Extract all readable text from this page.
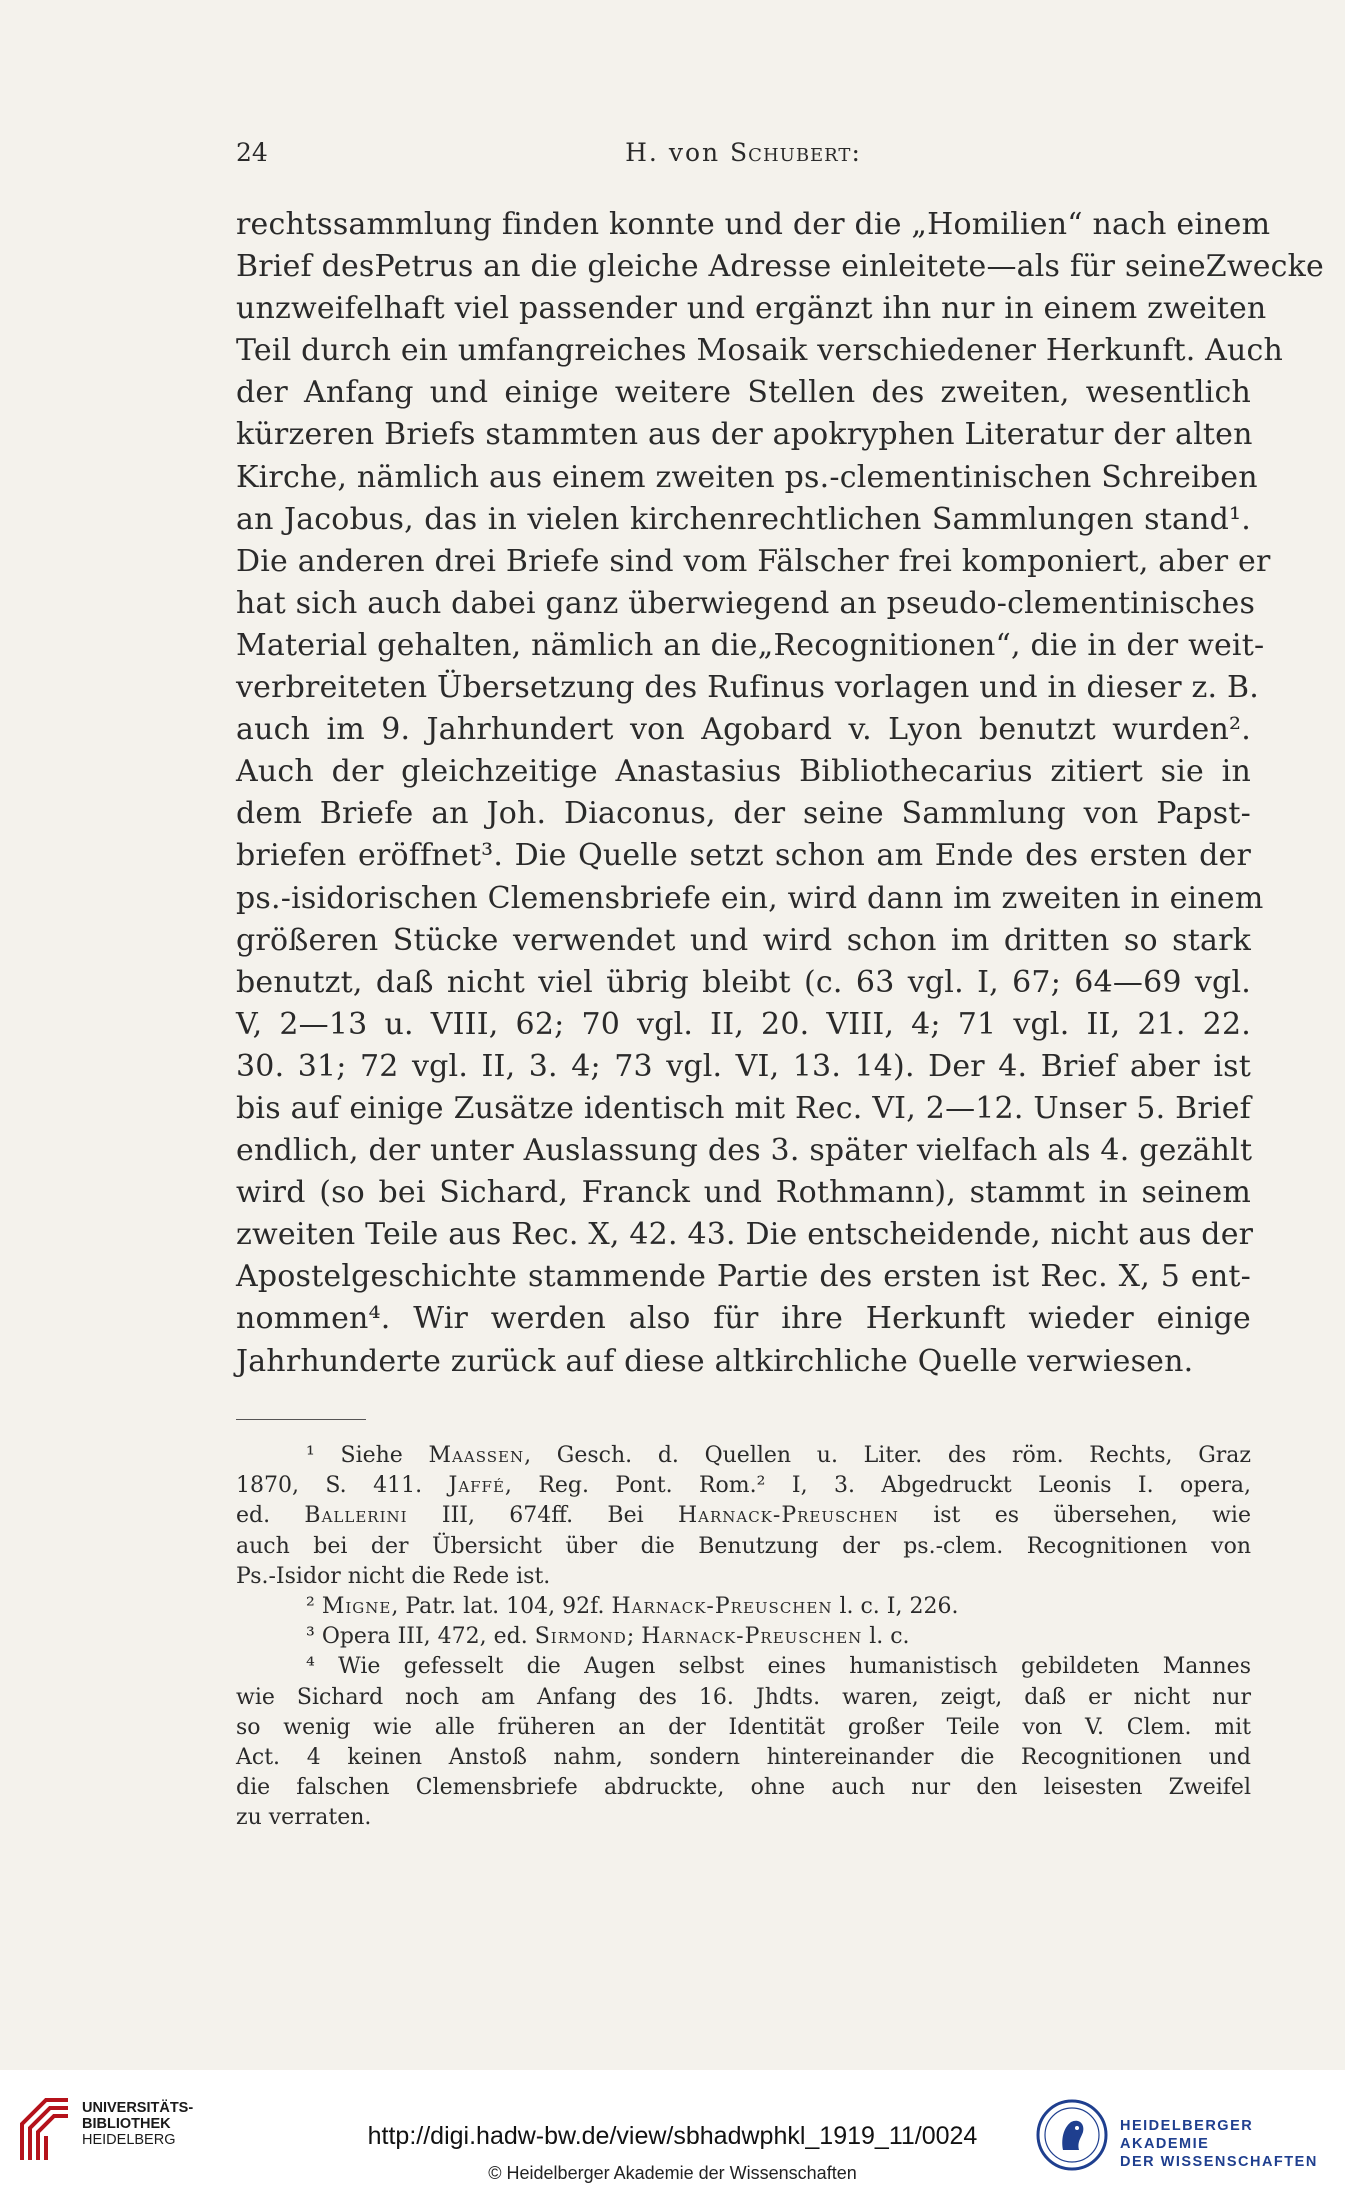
24	H. von Schubert:
rechtssammlung finden konnte und der die „Homilien“ nach einem
Brief desPetrus an die gleiche Adresse einleitete—als für seineZwecke
unzweifelhaft viel passender und ergänzt ihn nur in einem zweiten
Teil durch ein umfangreiches Mosaik verschiedener Herkunft. Auch
der Anfang und einige weitere Stellen des zweiten, wesentlich
kürzeren Briefs stammten aus der apokryphen Literatur der alten
Kirche, nämlich aus einem zweiten ps.-clementinischen Schreiben
an Jacobus, das in vielen kirchenrechtlichen Sammlungen stand¹.
Die anderen drei Briefe sind vom Fälscher frei komponiert, aber er
hat sich auch dabei ganz überwiegend an pseudo-clementinisches
Material gehalten, nämlich an die„Recognitionen“, die in der weit-
verbreiteten Übersetzung des Rufinus vorlagen und in dieser z. B.
auch im 9. Jahrhundert von Agobard v. Lyon benutzt wurden².
Auch der gleichzeitige Anastasius Bibliothecarius zitiert sie in
dem Briefe an Joh. Diaconus, der seine Sammlung von Papst-
briefen eröffnet³. Die Quelle setzt schon am Ende des ersten der
ps.-isidorischen Clemensbriefe ein, wird dann im zweiten in einem
größeren Stücke verwendet und wird schon im dritten so stark
benutzt, daß nicht viel übrig bleibt (c. 63 vgl. I, 67; 64—69 vgl.
V, 2—13 u. VIII, 62; 70 vgl. II, 20. VIII, 4; 71 vgl. II, 21. 22.
30. 31; 72 vgl. II, 3. 4; 73 vgl. VI, 13. 14). Der 4. Brief aber ist
bis auf einige Zusätze identisch mit Rec. VI, 2—12. Unser 5. Brief
endlich, der unter Auslassung des 3. später vielfach als 4. gezählt
wird (so bei Sichard, Franck und Rothmann), stammt in seinem
zweiten Teile aus Rec. X, 42. 43. Die entscheidende, nicht aus der
Apostelgeschichte stammende Partie des ersten ist Rec. X, 5 ent-
nommen⁴. Wir werden also für ihre Herkunft wieder einige
Jahrhunderte zurück auf diese altkirchliche Quelle verwiesen.
¹ Siehe Maassen, Gesch. d. Quellen u. Liter. des röm. Rechts, Graz
1870, S. 411. Jaffé, Reg. Pont. Rom.² I, 3. Abgedruckt Leonis I. opera,
ed. Ballerini III, 674ff. Bei Harnack-Preuschen ist es übersehen, wie
auch bei der Übersicht über die Benutzung der ps.-clem. Recognitionen von
Ps.-Isidor nicht die Rede ist.
² Migne, Patr. lat. 104, 92f. Harnack-Preuschen l. c. I, 226.
³ Opera III, 472, ed. Sirmond; Harnack-Preuschen l. c.
⁴ Wie gefesselt die Augen selbst eines humanistisch gebildeten Mannes
wie Sichard noch am Anfang des 16. Jhdts. waren, zeigt, daß er nicht nur
so wenig wie alle früheren an der Identität großer Teile von V. Clem. mit
Act. 4 keinen Anstoß nahm, sondern hintereinander die Recognitionen und
die falschen Clemensbriefe abdruckte, ohne auch nur den leisesten Zweifel
zu verraten.
UNIVERSITÄTS-
BIBLIOTHEK
HEIDELBERG	http://digi.hadw-bw.de/view/sbhadwphkl_1919_11/0024
© Heidelberger Akademie der Wissenschaften
HEIDELBERGER AKADEMIE
DER WISSENSCHAFTEN
